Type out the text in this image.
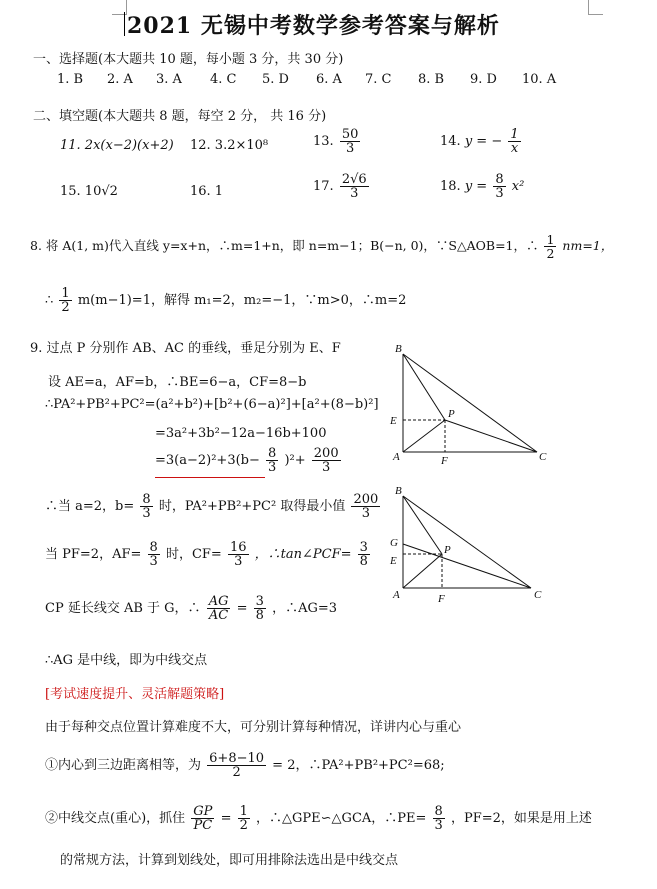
2021 无锡中考数学参考答案与解析
一、选择题(本大题共 10 题，每小题 3 分，共 30 分)
1. B 2. A 3. A 4. C 5. D 6. A 7. C 8. B 9. D 10. A
二、填空题(本大题共 8 题，每空 2 分， 共 16 分)
11. 2x(x−2)(x+2) 12. 3.2×10⁸	13. $\frac{50}{3}$	14. y = − $\frac{1}{x}$
15. 10√2	16. 1	17. $\frac{2√6}{3}$	18. $y = \frac{8}{3} x^2$
8. 将 A(1, m)代入直线 y=x+n，∴m=1+n，即 n=m−1；B(−n, 0)，∵S△AOB=1，∴ $\frac{1}{2} nm=1$，
∴ $\frac{1}{2} m(m-1)=1$，解得 m₁=2，m₂=−1，∵m>0，∴m=2
9. 过点 P 分别作 AB、AC 的垂线，垂足分别为 E、F
设 AE=a，AF=b，∴BE=6−a，CF=8−b
∴PA²+PB²+PC²=(a²+b²)+[b²+(6−a)²]+[a²+(8−b)²]
=3a²+3b²−12a−16b+100
$=3(a-2)^2+3(b- \frac{8}{3} )^2+ \frac{200}{3}$
∴当 a=2，$b= \frac{8}{3}$ 时，PA²+PB²+PC² 取得最小值 $\frac{200}{3}$
当 PF=2，$AF= \frac{8}{3}$ 时，$CF= \frac{16}{3}$ ，∴tan∠PCF= $\frac{3}{8}$
CP 延长线交 AB 于 G，∴ $\frac{AG}{AC} = \frac{3}{8}$ ，∴AG=3
∴AG 是中线，即为中线交点
[考试速度提升、灵活解题策略]
由于每种交点位置计算难度不大，可分别计算每种情况，详讲内心与重心
①内心到三边距离相等，为 $\frac{6+8-10}{2} = 2$，∴PA²+PB²+PC²=68;
②中线交点(重心)，抓住 $\frac{GP}{PC} = \frac{1}{2}$ ，∴△GPE∽△GCA，∴PE= $\frac{8}{3}$ ，PF=2，如果是用上述
的常规方法，计算到划线处，即可用排除法选出是中线交点
B
E
P
A	F	C
B
G
E
P
A	F	C
